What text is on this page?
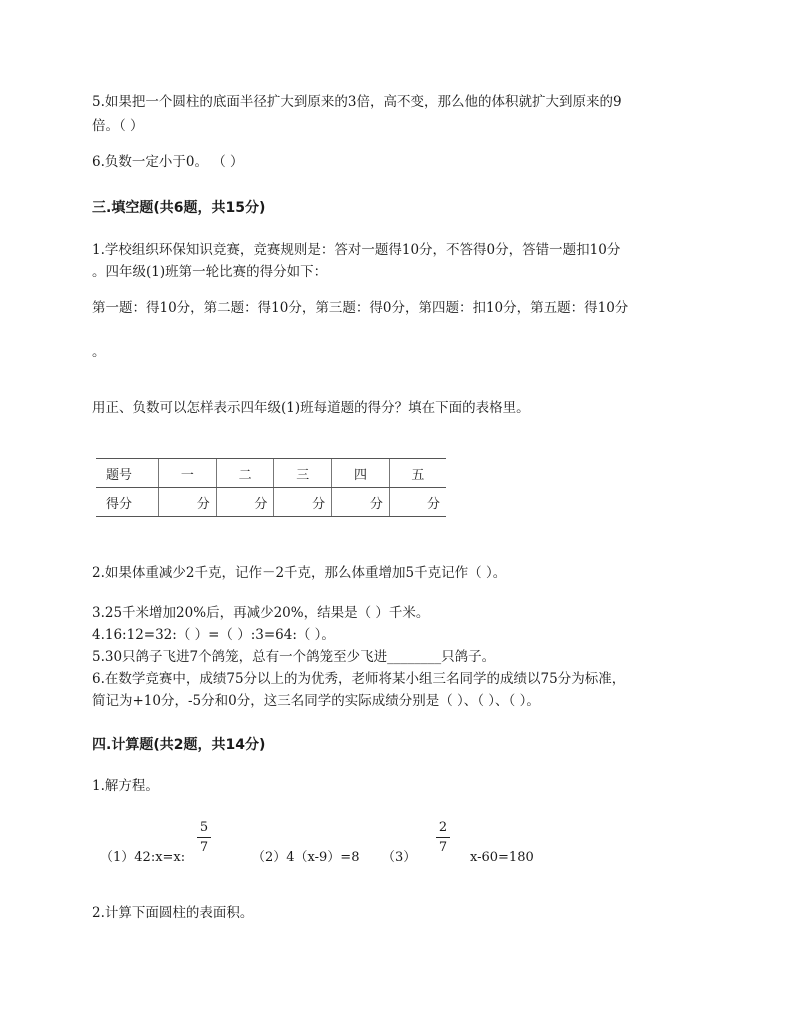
5.如果把一个圆柱的底面半径扩大到原来的3倍，高不变，那么他的体积就扩大到原来的9
倍。（ ）
6.负数一定小于0。 （ ）
三.填空题(共6题，共15分)
1.学校组织环保知识竞赛，竞赛规则是：答对一题得10分，不答得0分，答错一题扣10分
。四年级(1)班第一轮比赛的得分如下：
第一题：得10分，第二题：得10分，第三题：得0分，第四题：扣10分，第五题：得10分
。
用正、负数可以怎样表示四年级(1)班每道题的得分？填在下面的表格里。
题号	一	二	三	四	五
得分	分	分	分	分	分
2.如果体重减少2千克，记作－2千克，那么体重增加5千克记作（ ）。
3.25千米增加20%后，再减少20%，结果是（ ）千米。
4.16:12=32:（ ）=（ ）:3=64:（ ）。
5.30只鸽子飞进7个鸽笼，总有一个鸽笼至少飞进________只鸽子。
6.在数学竞赛中，成绩75分以上的为优秀，老师将某小组三名同学的成绩以75分为标准，
简记为+10分，-5分和0分，这三名同学的实际成绩分别是（ ）、（ ）、（ ）。
四.计算题(共2题，共14分)
1.解方程。
（1）42:x=x:
5
7
（2）4（x-9）=8 （3）
2
7
x-60=180
2.计算下面圆柱的表面积。
